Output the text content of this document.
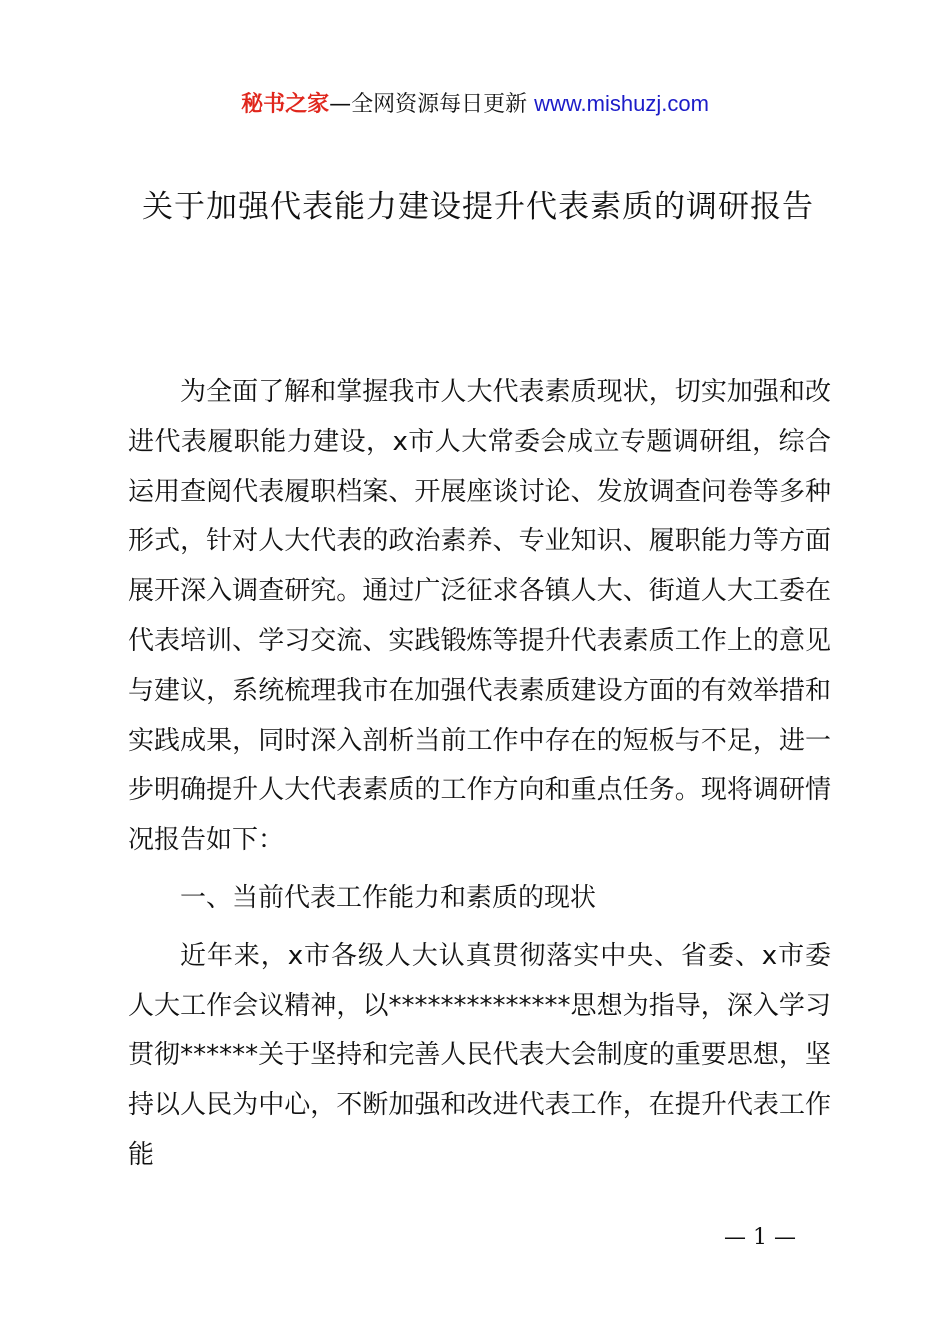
秘书之家—全网资源每日更新 www.mishuzj.com
关于加强代表能力建设提升代表素质的调研报告

为全面了解和掌握我市人大代表素质现状，切实加强和改进代表履职能力建设，x市人大常委会成立专题调研组，综合运用查阅代表履职档案、开展座谈讨论、发放调查问卷等多种形式，针对人大代表的政治素养、专业知识、履职能力等方面展开深入调查研究。通过广泛征求各镇人大、街道人大工委在代表培训、学习交流、实践锻炼等提升代表素质工作上的意见与建议，系统梳理我市在加强代表素质建设方面的有效举措和实践成果，同时深入剖析当前工作中存在的短板与不足，进一步明确提升人大代表素质的工作方向和重点任务。现将调研情况报告如下：

一、当前代表工作能力和素质的现状

近年来，x市各级人大认真贯彻落实中央、省委、x市委人大工作会议精神，以**************思想为指导，深入学习贯彻******关于坚持和完善人民代表大会制度的重要思想，坚持以人民为中心，不断加强和改进代表工作，在提升代表工作能

— 1 —
